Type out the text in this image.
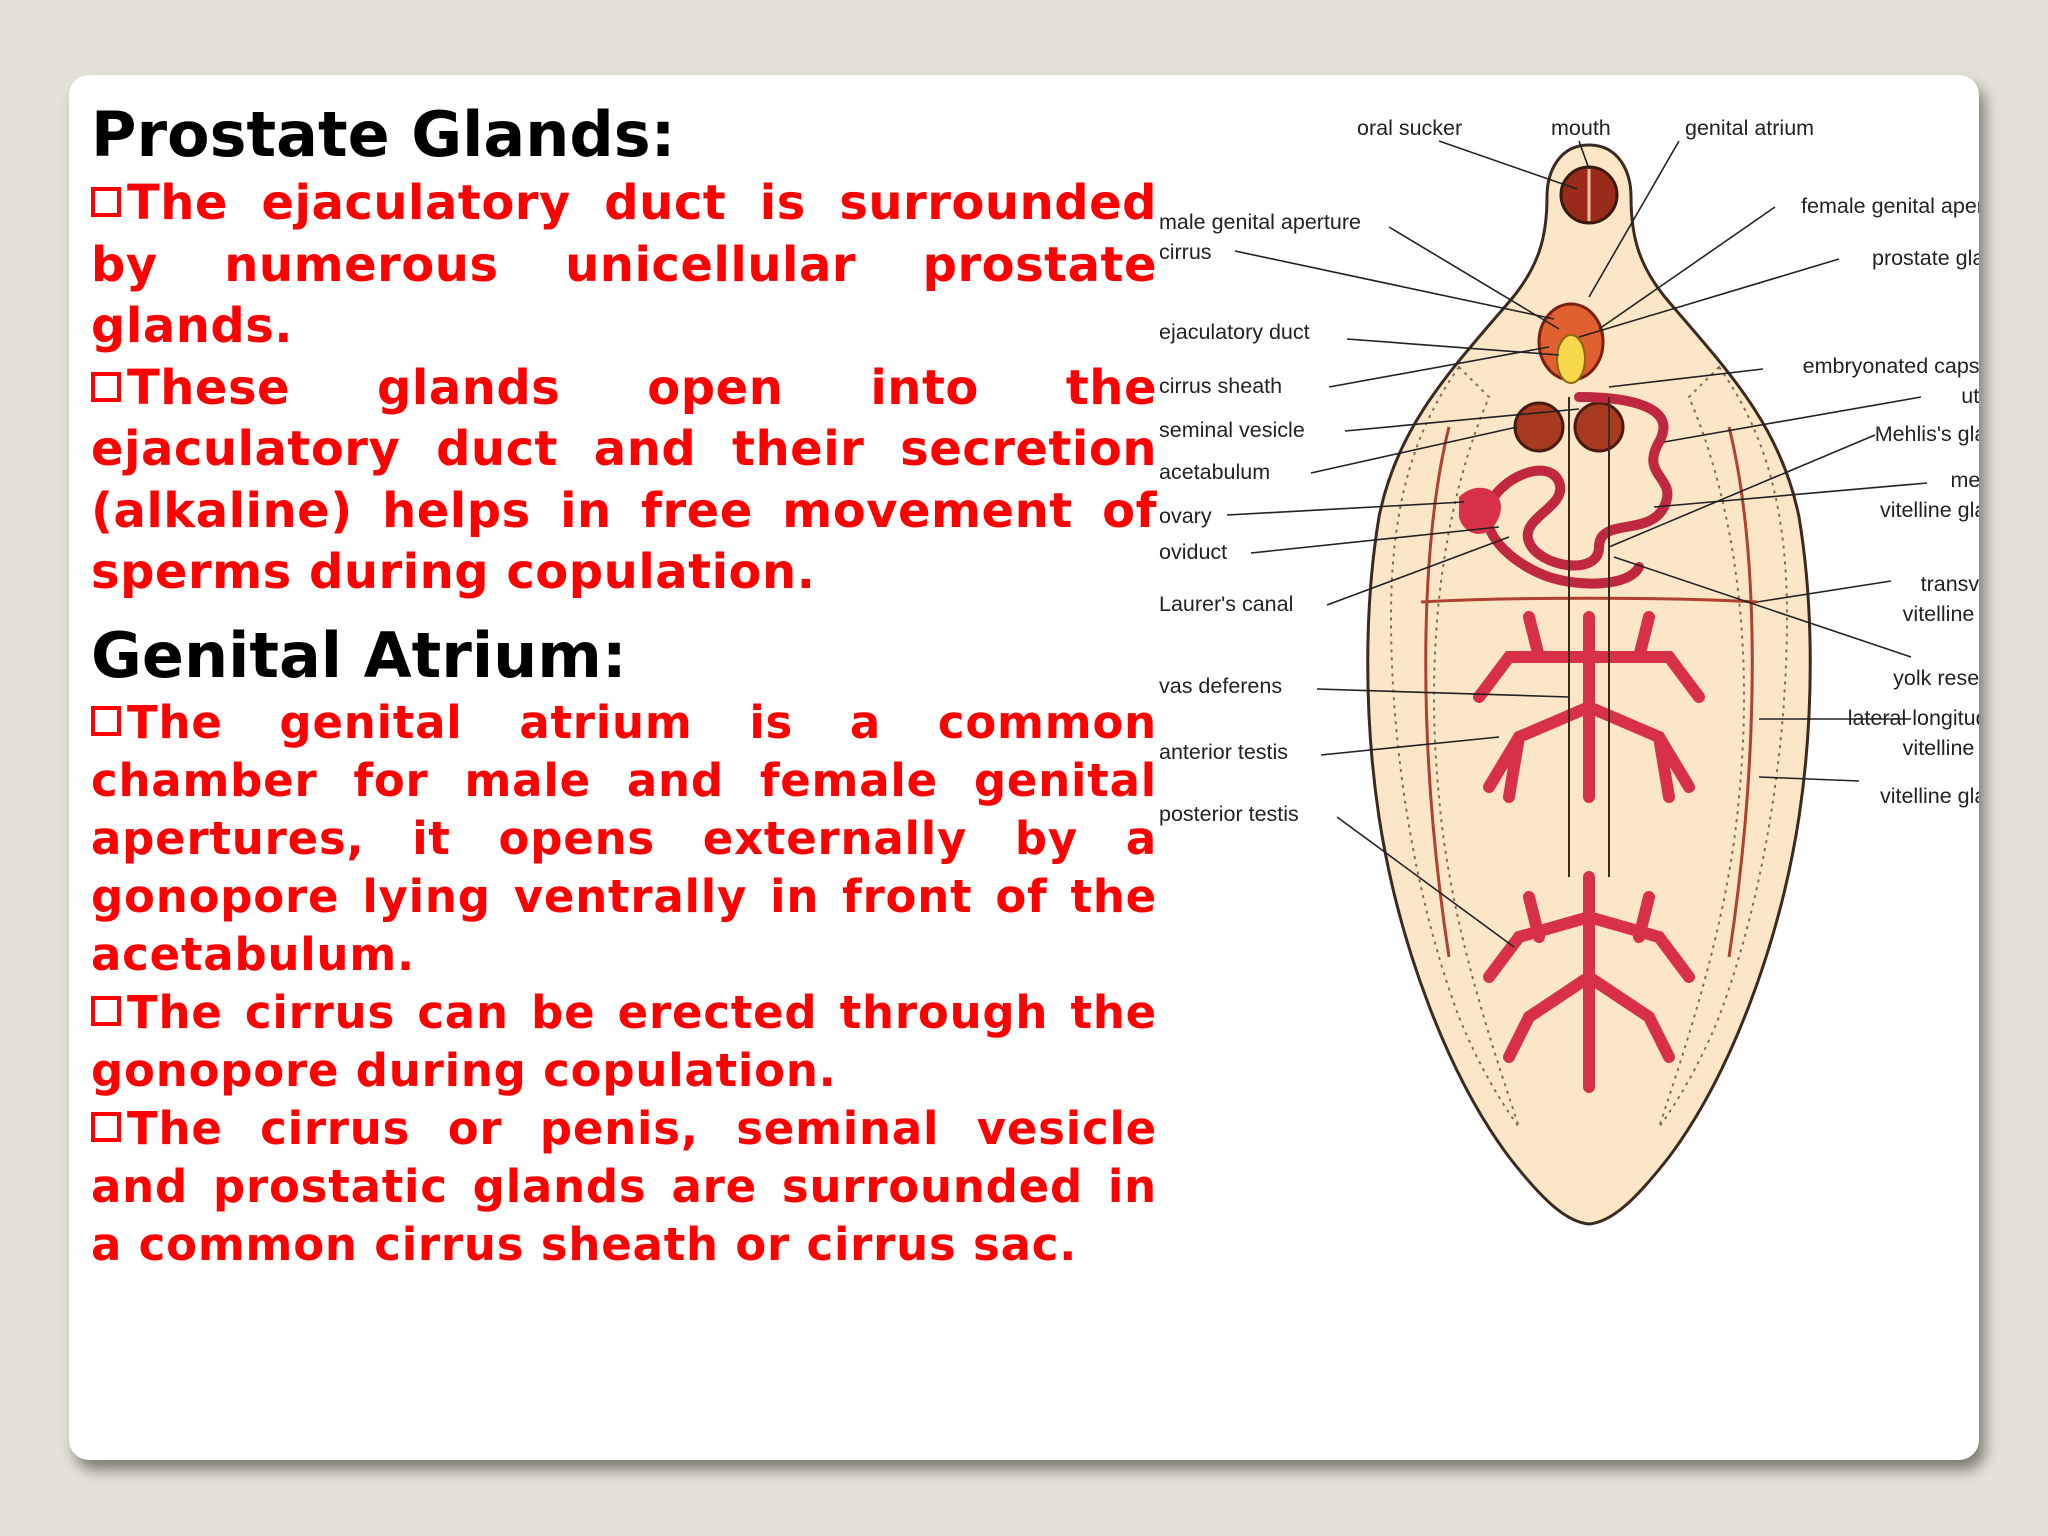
Prostate Glands:

The ejaculatory duct is surrounded by numerous unicellular prostate glands.

These glands open into the ejaculatory duct and their secretion (alkaline) helps in free movement of sperms during copulation.

Genital Atrium:

The genital atrium is a common chamber for male and female genital apertures, it opens externally by a gonopore lying ventrally in front of the acetabulum.

The cirrus can be erected through the gonopore during copulation.

The cirrus or penis, seminal vesicle and prostatic glands are surrounded in a common cirrus sheath or cirrus sac.

oral sucker	mouth	genital atrium
male genital aperture
cirrus
ejaculatory duct
cirrus sheath
seminal vesicle
acetabulum
ovary
oviduct
Laurer's canal
vas deferens
anterior testis
posterior testis
female genital aperture
prostate glands
embryonated capsules
uterus
Mehlis's glands
median
vitelline glands
transverse
vitelline duct
yolk reservoir
lateral longitudinal
vitelline duct
vitelline glands
